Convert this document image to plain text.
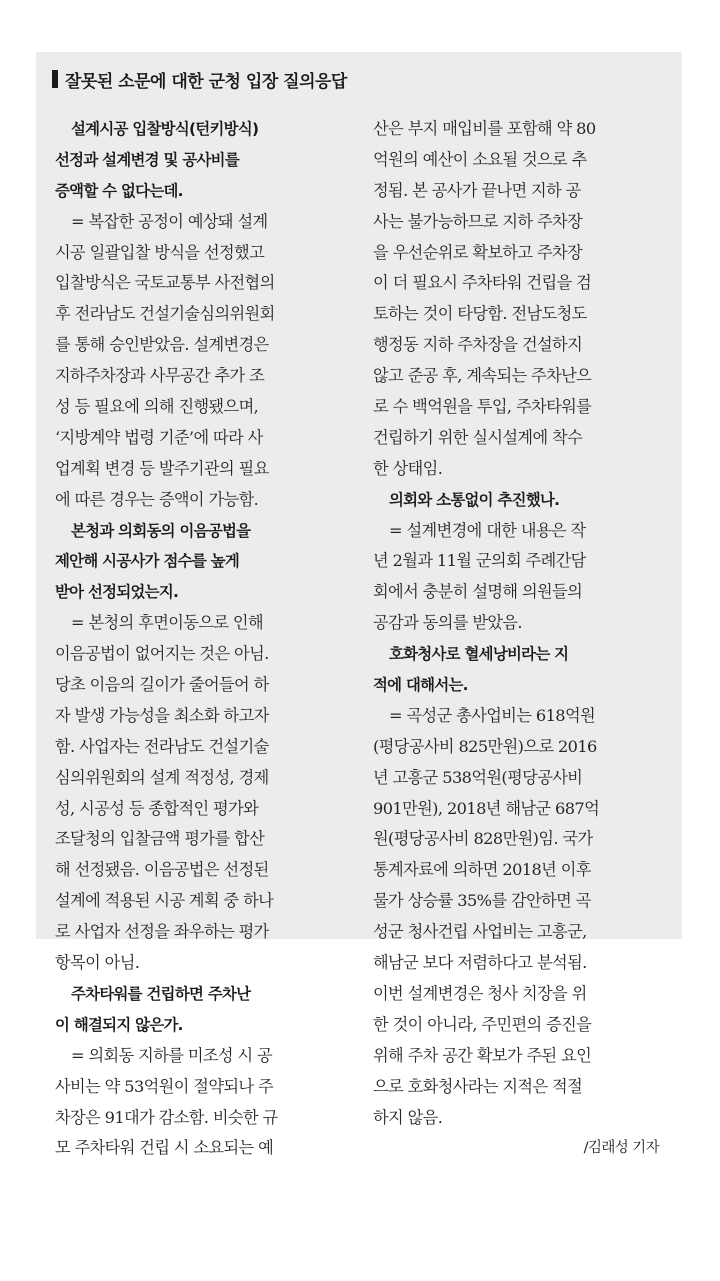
잘못된 소문에 대한 군청 입장 질의응답
설계시공 입찰방식(턴키방식)
선정과 설계변경 및 공사비를
증액할 수 없다는데.
= 복잡한 공정이 예상돼 설계
시공 일괄입찰 방식을 선정했고
입찰방식은 국토교통부 사전협의
후 전라남도 건설기술심의위원회
를 통해 승인받았음. 설계변경은
지하주차장과 사무공간 추가 조
성 등 필요에 의해 진행됐으며,
‘지방계약 법령 기준’에 따라 사
업계획 변경 등 발주기관의 필요
에 따른 경우는 증액이 가능함.
본청과 의회동의 이음공법을
제안해 시공사가 점수를 높게
받아 선정되었는지.
= 본청의 후면이동으로 인해
이음공법이 없어지는 것은 아님.
당초 이음의 길이가 줄어들어 하
자 발생 가능성을 최소화 하고자
함. 사업자는 전라남도 건설기술
심의위원회의 설계 적정성, 경제
성, 시공성 등 종합적인 평가와
조달청의 입찰금액 평가를 합산
해 선정됐음. 이음공법은 선정된
설계에 적용된 시공 계획 중 하나
로 사업자 선정을 좌우하는 평가
항목이 아님.
주차타워를 건립하면 주차난
이 해결되지 않은가.
= 의회동 지하를 미조성 시 공
사비는 약 53억원이 절약되나 주
차장은 91대가 감소함. 비슷한 규
모 주차타워 건립 시 소요되는 예
산은 부지 매입비를 포함해 약 80
억원의 예산이 소요될 것으로 추
정됨. 본 공사가 끝나면 지하 공
사는 불가능하므로 지하 주차장
을 우선순위로 확보하고 주차장
이 더 필요시 주차타워 건립을 검
토하는 것이 타당함. 전남도청도
행정동 지하 주차장을 건설하지
않고 준공 후, 계속되는 주차난으
로 수 백억원을 투입, 주차타워를
건립하기 위한 실시설계에 착수
한 상태임.
의회와 소통없이 추진했나.
= 설계변경에 대한 내용은 작
년 2월과 11월 군의회 주례간담
회에서 충분히 설명해 의원들의
공감과 동의를 받았음.
호화청사로 혈세낭비라는 지
적에 대해서는.
= 곡성군 총사업비는 618억원
(평당공사비 825만원)으로 2016
년 고흥군 538억원(평당공사비
901만원), 2018년 해남군 687억
원(평당공사비 828만원)임. 국가
통계자료에 의하면 2018년 이후
물가 상승률 35%를 감안하면 곡
성군 청사건립 사업비는 고흥군,
해남군 보다 저렴하다고 분석됨.
이번 설계변경은 청사 치장을 위
한 것이 아니라, 주민편의 증진을
위해 주차 공간 확보가 주된 요인
으로 호화청사라는 지적은 적절
하지 않음.
/김래성 기자
